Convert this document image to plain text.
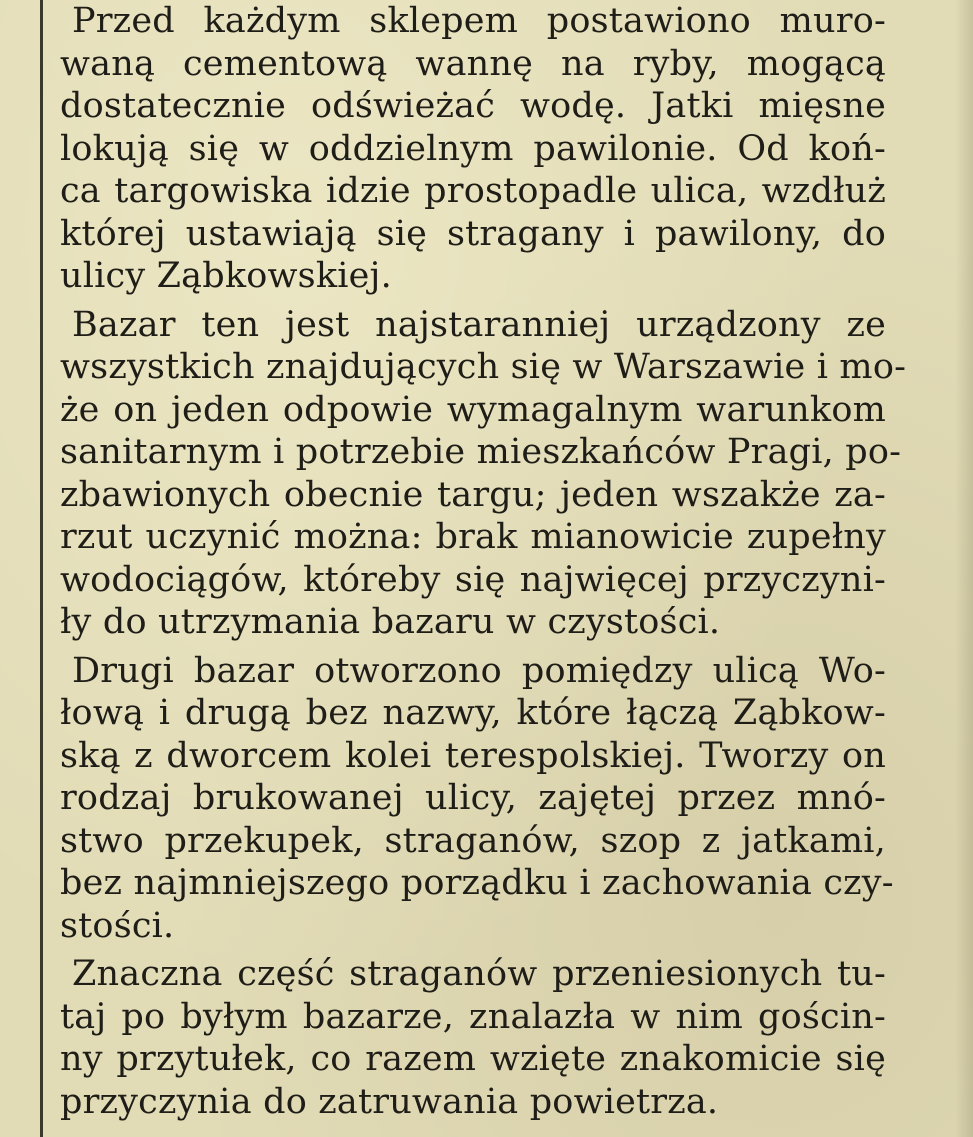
Przed każdym sklepem postawiono muro-
waną cementową wannę na ryby, mogącą
dostatecznie odświeżać wodę. Jatki mięsne
lokują się w oddzielnym pawilonie. Od koń-
ca targowiska idzie prostopadle ulica, wzdłuż
której ustawiają się stragany i pawilony, do
ulicy Ząbkowskiej.
Bazar ten jest najstaranniej urządzony ze
wszystkich znajdujących się w Warszawie i mo-
że on jeden odpowie wymagalnym warunkom
sanitarnym i potrzebie mieszkańców Pragi, po-
zbawionych obecnie targu; jeden wszakże za-
rzut uczynić można: brak mianowicie zupełny
wodociągów, któreby się najwięcej przyczyni-
ły do utrzymania bazaru w czystości.
Drugi bazar otworzono pomiędzy ulicą Wo-
łową i drugą bez nazwy, które łączą Ząbkow-
ską z dworcem kolei terespolskiej. Tworzy on
rodzaj brukowanej ulicy, zajętej przez mnó-
stwo przekupek, straganów, szop z jatkami,
bez najmniejszego porządku i zachowania czy-
stości.
Znaczna część straganów przeniesionych tu-
taj po byłym bazarze, znalazła w nim gościn-
ny przytułek, co razem wzięte znakomicie się
przyczynia do zatruwania powietrza.
